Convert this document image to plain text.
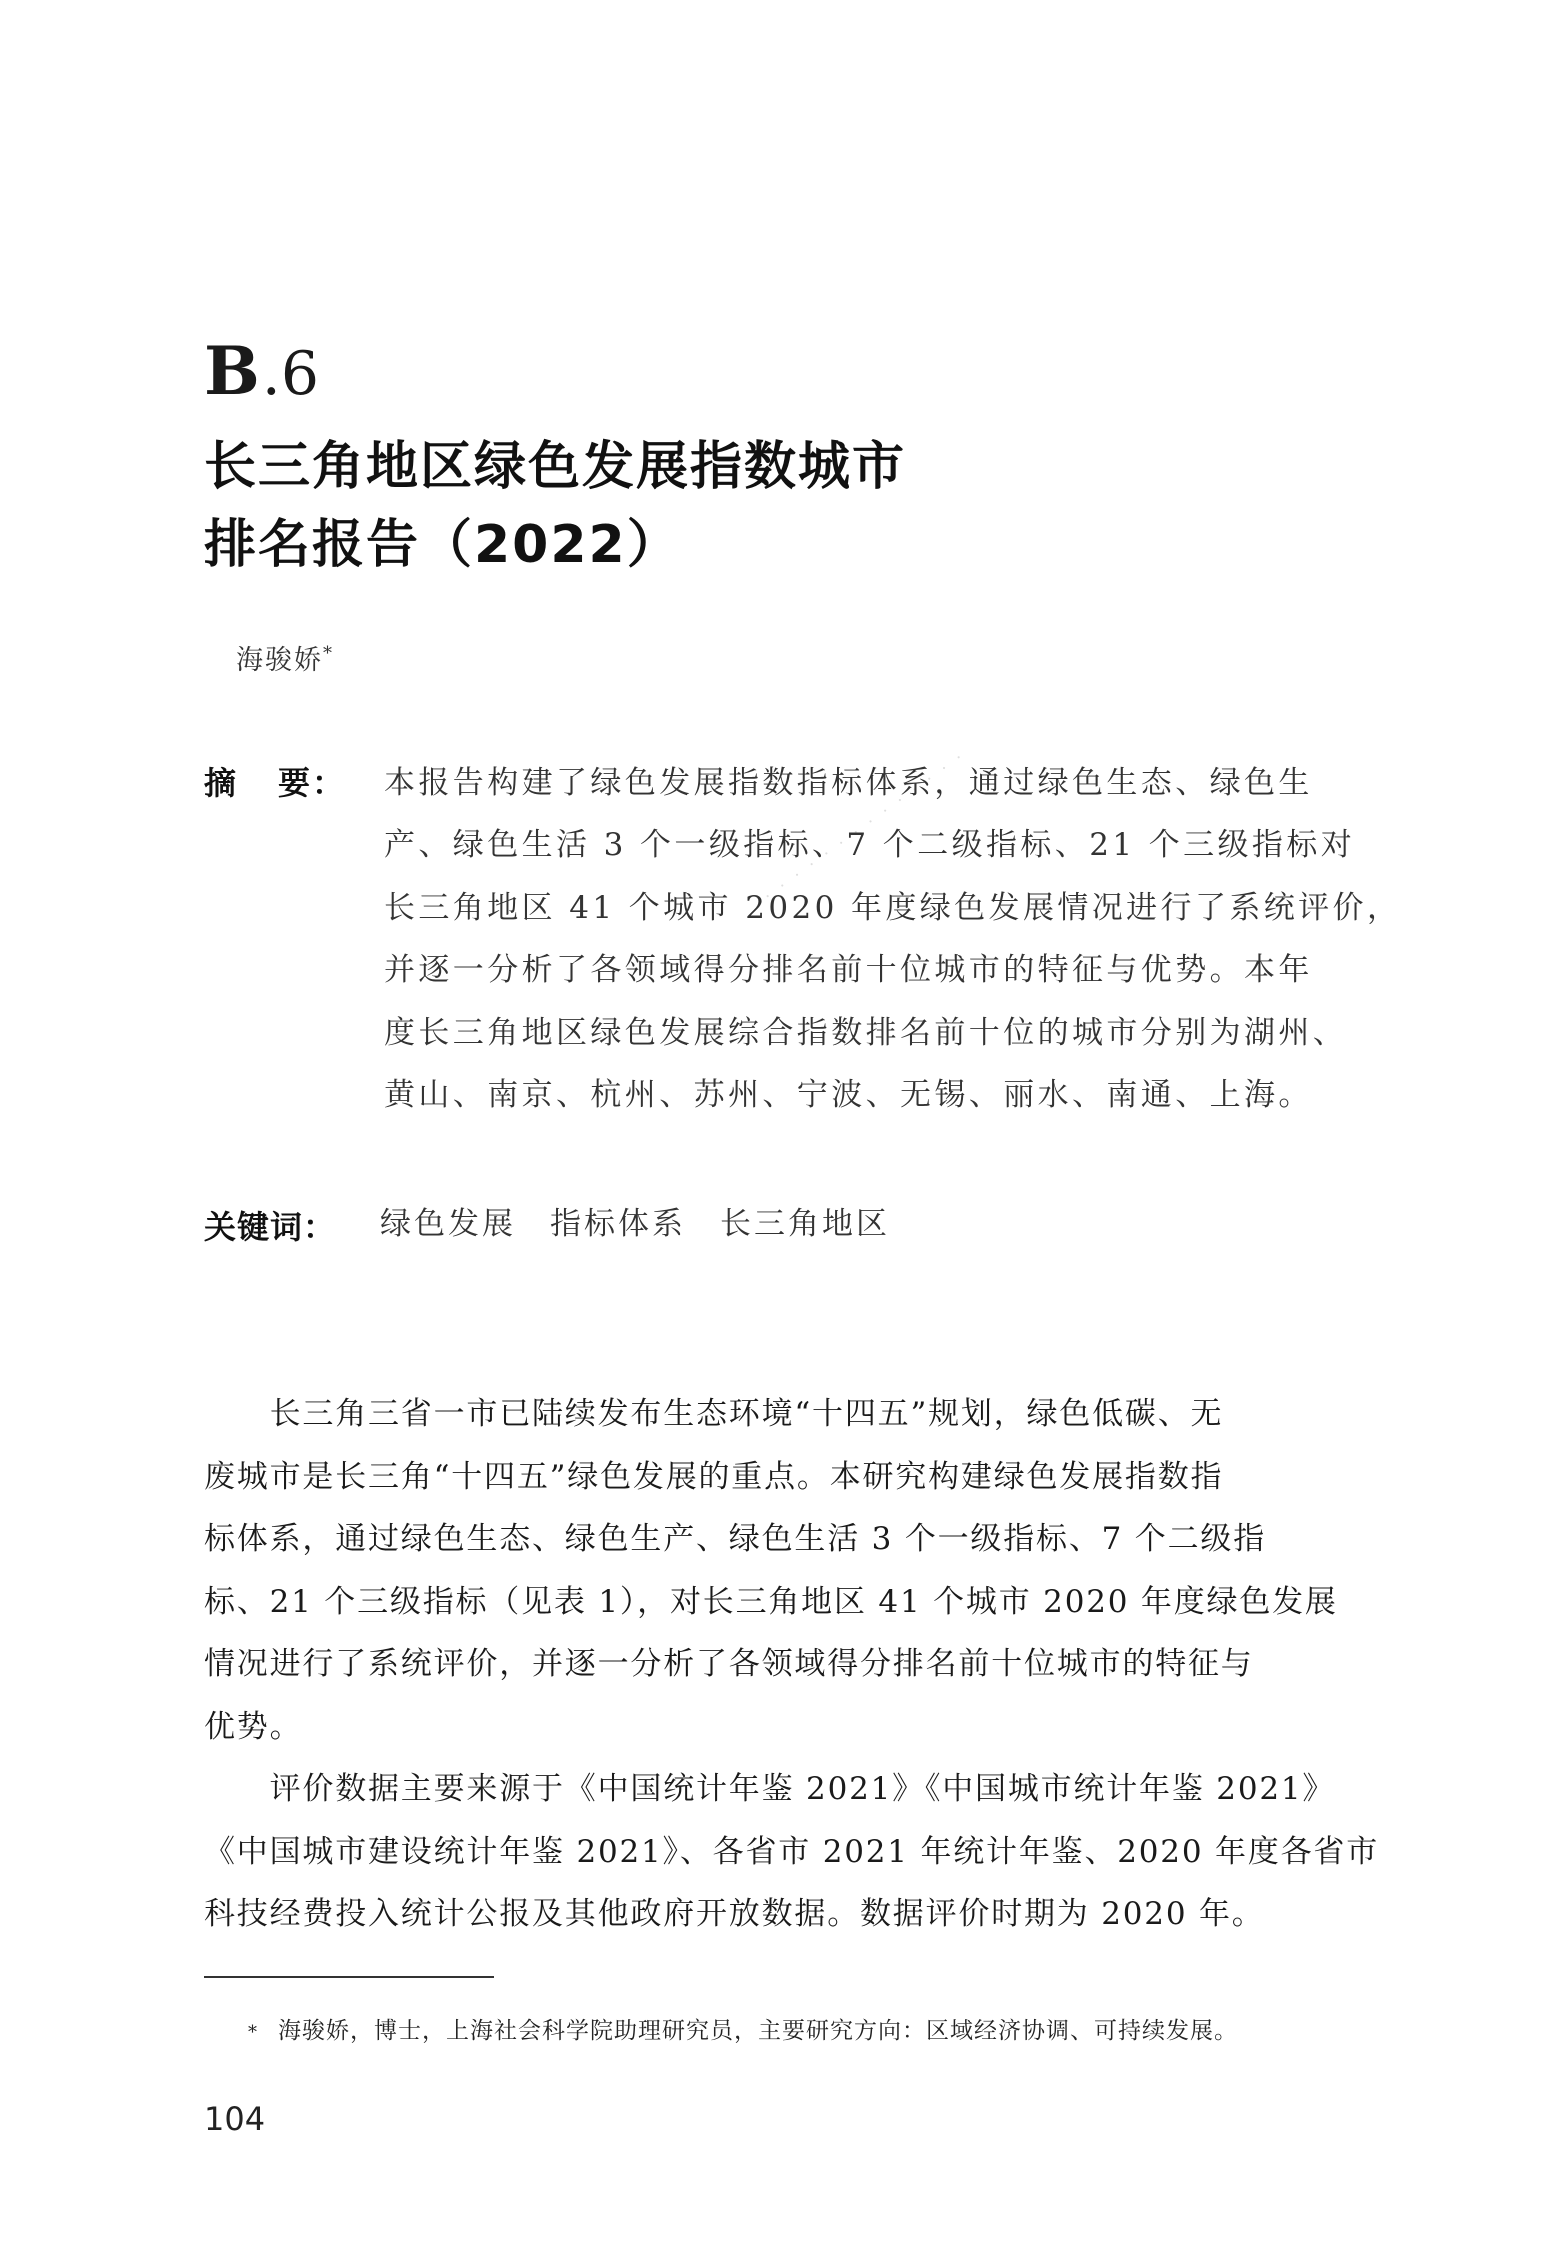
· · · · · · · · · · · · · ·
B.6
长三角地区绿色发展指数城市
排名报告（2022）
海骏娇*
摘 要： 本报告构建了绿色发展指数指标体系，通过绿色生态、绿色生
产、绿色生活 3 个一级指标、7 个二级指标、21 个三级指标对
长三角地区 41 个城市 2020 年度绿色发展情况进行了系统评价，
并逐一分析了各领域得分排名前十位城市的特征与优势。本年
度长三角地区绿色发展综合指数排名前十位的城市分别为湖州、
黄山、南京、杭州、苏州、宁波、无锡、丽水、南通、上海。
关键词： 绿色发展 指标体系 长三角地区
　　长三角三省一市已陆续发布生态环境“十四五”规划，绿色低碳、无
废城市是长三角“十四五”绿色发展的重点。本研究构建绿色发展指数指
标体系，通过绿色生态、绿色生产、绿色生活 3 个一级指标、7 个二级指
标、21 个三级指标（见表 1），对长三角地区 41 个城市 2020 年度绿色发展
情况进行了系统评价，并逐一分析了各领域得分排名前十位城市的特征与
优势。
　　评价数据主要来源于《中国统计年鉴 2021》《中国城市统计年鉴 2021》
《中国城市建设统计年鉴 2021》、各省市 2021 年统计年鉴、2020 年度各省市
科技经费投入统计公报及其他政府开放数据。数据评价时期为 2020 年。
* 海骏娇，博士，上海社会科学院助理研究员，主要研究方向：区域经济协调、可持续发展。
104
